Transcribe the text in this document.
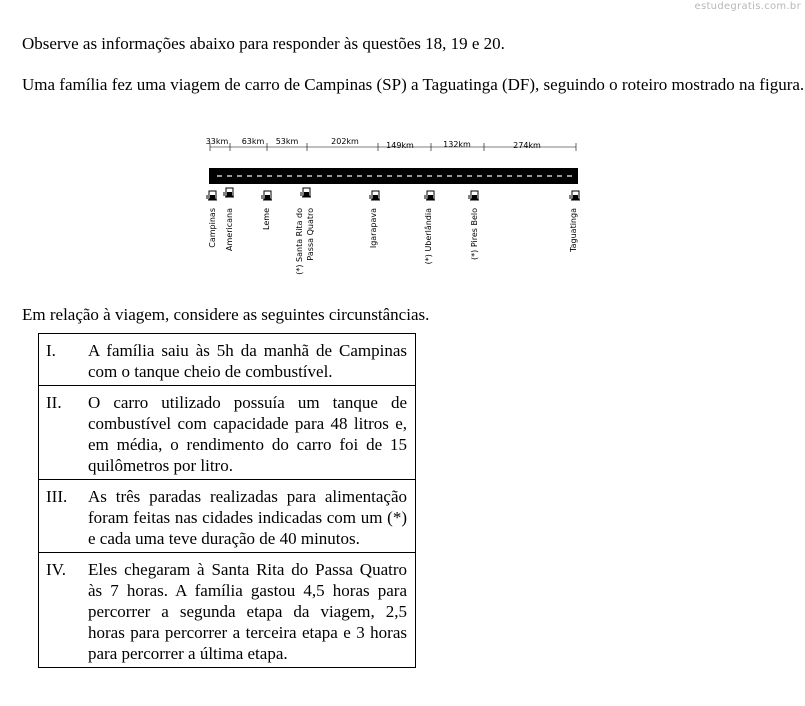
estudegratis.com.br

Observe as informações abaixo para responder às questões 18, 19 e 20.

Uma família fez uma viagem de carro de Campinas (SP) a Taguatinga (DF), seguindo o roteiro mostrado na figura.

33km 63km 53km	202km	149km	132km	274km
Campinas Americana	Leme	(*) Santa Rita do Passa Quatro	Igarapava	(*) Uberlândia	(*) Pires Belo	Taguatinga

Em relação à viagem, considere as seguintes circunstâncias.

I.	A família saiu às 5h da manhã de Campinas com o tanque cheio de combustível.
II.	O carro utilizado possuía um tanque de combustível com capacidade para 48 litros e, em média, o rendimento do carro foi de 15 quilômetros por litro.
III.	As três paradas realizadas para alimentação foram feitas nas cidades indicadas com um (*) e cada uma teve duração de 40 minutos.
IV.	Eles chegaram à Santa Rita do Passa Quatro às 7 horas. A família gastou 4,5 horas para percorrer a segunda etapa da viagem, 2,5 horas para percorrer a terceira etapa e 3 horas para percorrer a última etapa.
